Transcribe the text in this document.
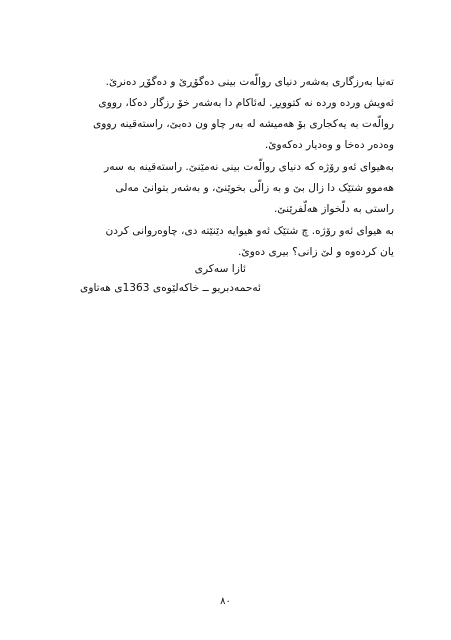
تەنیا بەرزگاری بەشەر دنیای روالّەت بینی دەگۆڕێ و دەگۆڕ دەنرێ.
ئەویش وردە وردە نە کتوویڕ. لەئاکام دا بەشەر خۆ رزگار دەکا، رووی
روالّەت بە یەکجاری بۆ هەمیشە لە بەر چاو ون دەبێ، راستەقینە رووی
وەدەر دەخا و وەدیار دەکەوێ.
بەهیوای ئەو رۆژە کە دنیای روالّەت بینی نەمێنێ. راستەقینە بە سەر
هەموو شتێک دا زال بێ و بە زالّی بخوێنێ، و بەشەر بتوانێ مەلی
راستی بە دلّخواز هەلّفرێنێ.
بە هیوای ئەو رۆژە. چ شتێک ئەو هیوایە دێنێتە دی، چاوەروانی کردن
یان کردەوە و لێ زانی؟ بیری دەوێ.
ئازا سەکری
ئەحمەدبریو ــ خاکەلێوەی 1363ی هەتاوی
٨٠
